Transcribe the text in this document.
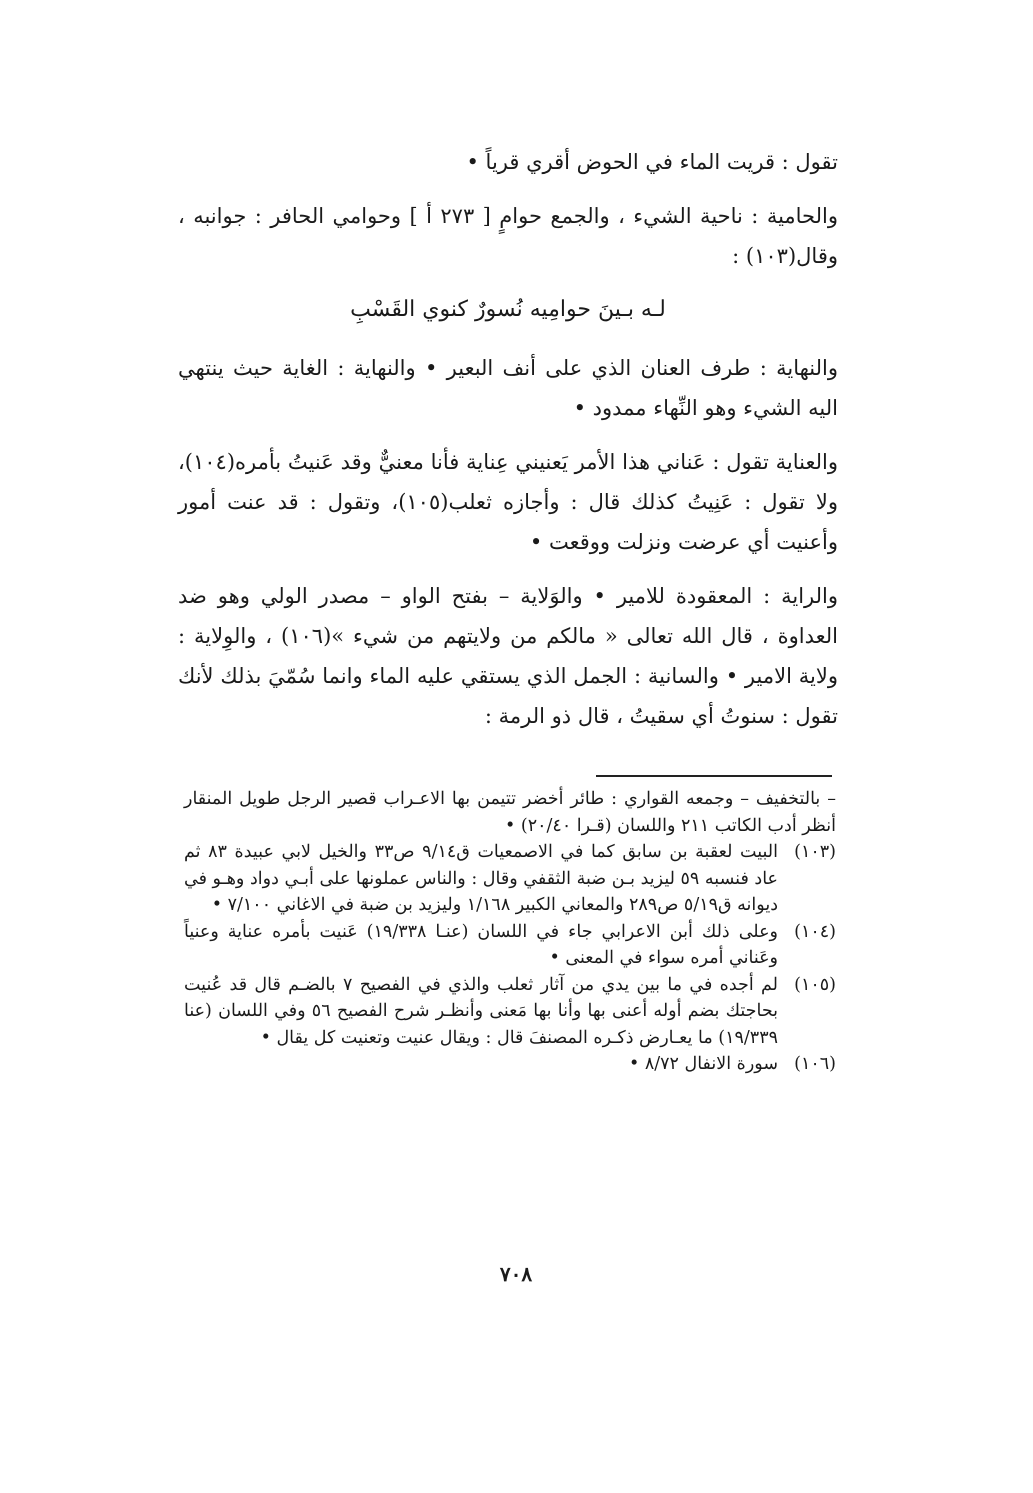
تقول : قريت الماء في الحوض أقري قرياً •

والحامية : ناحية الشيء ، والجمع حوامٍ [ ٢٧٣ أ ] وحوامي الحافر : جوانبه ، وقال(١٠٣) :

لـه بـينَ حوامِيه نُسورٌ كنوي القَسْبِ

والنهاية : طرف العنان الذي على أنف البعير • والنهاية : الغاية حيث ينتهي اليه الشيء وهو النِّهاء ممدود •

والعناية تقول : عَناني هذا الأمر يَعنيني عِناية فأنا معنيٌّ وقد عَنيتُ بأمره(١٠٤)، ولا تقول : عَنِيتُ كذلك قال : وأجازه ثعلب(١٠٥)، وتقول : قد عنت أمور وأعنيت أي عرضت ونزلت ووقعت •

والراية : المعقودة للامير • والوَلاية – بفتح الواو – مصدر الولي وهو ضد العداوة ، قال الله تعالى « مالكم من ولايتهم من شيء »(١٠٦) ، والوِلاية : ولاية الامير • والسانية : الجمل الذي يستقي عليه الماء وانما سُمّيَ بذلك لأنك تقول : سنوتُ أي سقيتُ ، قال ذو الرمة :

– بالتخفيف – وجمعه القواري : طائر أخضر تتيمن بها الاعـراب قصير الرجل طويل المنقار أنظر أدب الكاتب ٢١١ واللسان (قـرا ٢٠/٤٠) •
(١٠٣)
البيت لعقبة بن سابق كما في الاصمعيات ق٩/١٤ ص٣٣ والخيل لابي عبيدة ٨٣ ثم عاد فنسبه ٥٩ ليزيد بـن ضبة الثقفي وقال : والناس عملونها على أبـي دواد وهـو في ديوانه ق٥/١٩ ص٢٨٩ والمعاني الكبير ١/١٦٨ وليزيد بن ضبة في الاغاني ٧/١٠٠ •
(١٠٤)
وعلى ذلك أبن الاعرابي جاء في اللسان (عنـا ١٩/٣٣٨) عَنيت بأمره عناية وعنياً وعَناني أمره سواء في المعنى •
(١٠٥)
لم أجده في ما بين يدي من آثار ثعلب والذي في الفصيح ٧ بالضـم قال قد عُنيت بحاجتك بضم أوله أعنى بها وأنا بها مَعنى وأنظـر شرح الفصيح ٥٦ وفي اللسان (عنا ١٩/٣٣٩) ما يعـارض ذكـره المصنفَ قال : ويقال عنيت وتعنيت كل يقال •
(١٠٦)
سورة الانفال ٨/٧٢ •
٧٠٨
